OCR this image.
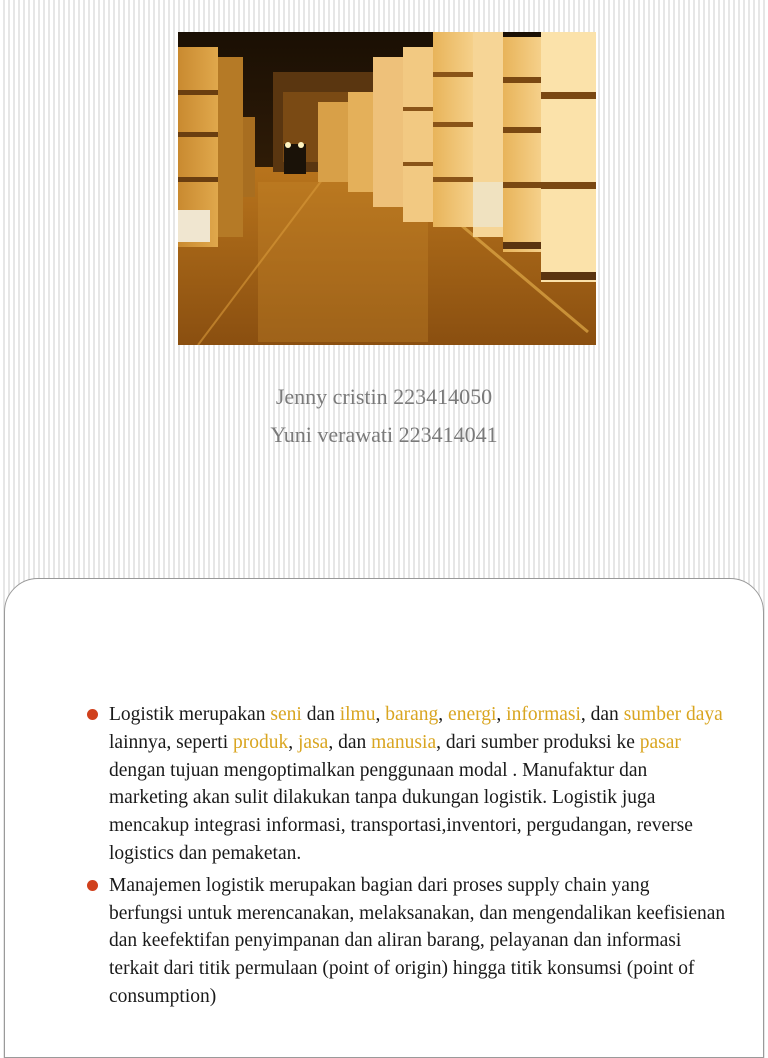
Jenny cristin 223414050
Yuni verawati 223414041
Logistik merupakan seni dan ilmu, barang, energi, informasi, dan sumber daya lainnya, seperti produk, jasa, dan manusia, dari sumber produksi ke pasar dengan tujuan mengoptimalkan penggunaan modal . Manufaktur dan marketing akan sulit dilakukan tanpa dukungan logistik. Logistik juga mencakup integrasi informasi, transportasi,inventori, pergudangan, reverse logistics dan pemaketan.
Manajemen logistik merupakan bagian dari proses supply chain yang berfungsi untuk merencanakan, melaksanakan, dan mengendalikan keefisienan dan keefektifan penyimpanan dan aliran barang, pelayanan dan informasi terkait dari titik permulaan (point of origin) hingga titik konsumsi (point of consumption)
